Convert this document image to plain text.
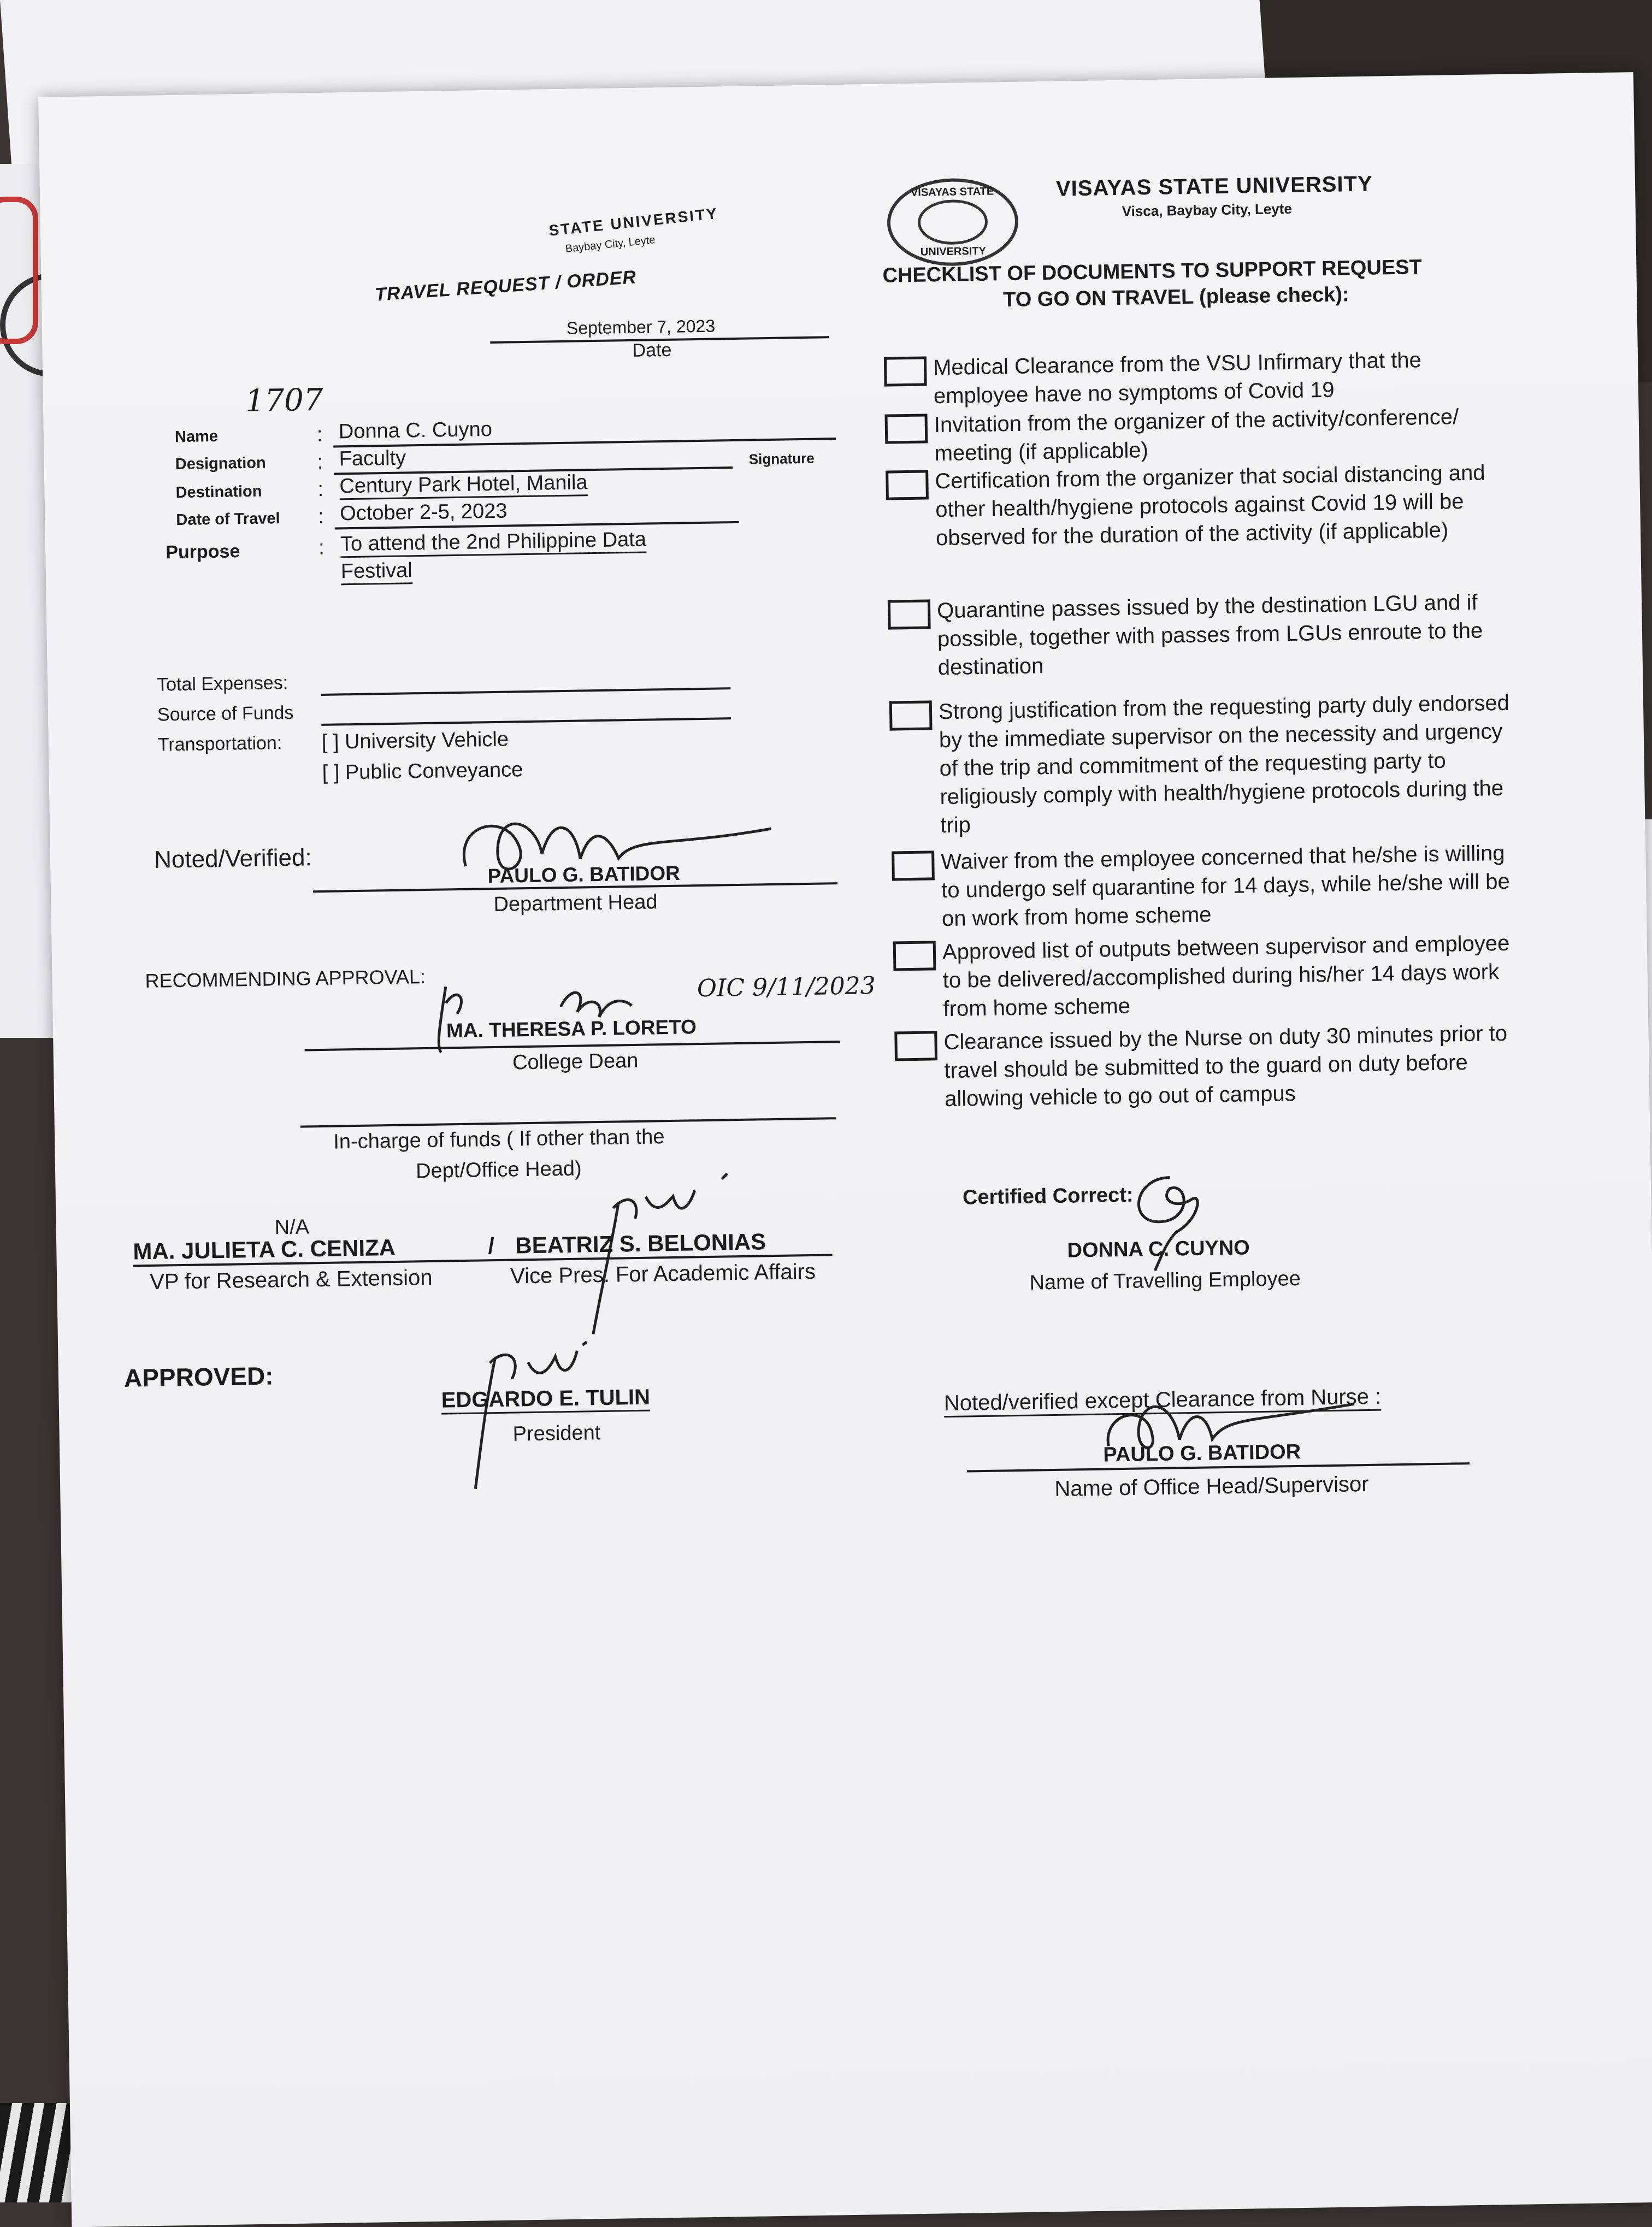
STATE UNIVERSITY
Baybay City, Leyte
TRAVEL REQUEST / ORDER
September 7, 2023
Date
1707
Name	: Donna C. Cuyno
Designation : Faculty	Signature
Destination	: Century Park Hotel, Manila
Date of Travel : October 2-5, 2023
Purpose	: To attend the 2nd Philippine Data
Festival
Total Expenses:
Source of Funds
Transportation: [ ] University Vehicle
[ ] Public Conveyance
Noted/Verified:
PAULO G. BATIDOR
Department Head
RECOMMENDING APPROVAL:	OIC 9/11/2023
MA. THERESA P. LORETO
College Dean
In-charge of funds ( If other than the
Dept/Office Head)
N/A
MA. JULIETA C. CENIZA	/ BEATRIZ S. BELONIAS
VP for Research & Extension	Vice Pres. For Academic Affairs
APPROVED:
EDGARDO E. TULIN
President
VISAYAS STATE
UNIVERSITY
VISAYAS STATE UNIVERSITY
Visca, Baybay City, Leyte
CHECKLIST OF DOCUMENTS TO SUPPORT REQUEST
TO GO ON TRAVEL (please check):
Medical Clearance from the VSU Infirmary that the employee have no symptoms of Covid 19
Invitation from the organizer of the activity/conference/ meeting (if applicable)
Certification from the organizer that social distancing and other health/hygiene protocols against Covid 19 will be observed for the duration of the activity (if applicable)
Quarantine passes issued by the destination LGU and if possible, together with passes from LGUs enroute to the destination
Strong justification from the requesting party duly endorsed by the immediate supervisor on the necessity and urgency of the trip and commitment of the requesting party to religiously comply with health/hygiene protocols during the trip
Waiver from the employee concerned that he/she is willing to undergo self quarantine for 14 days, while he/she will be on work from home scheme
Approved list of outputs between supervisor and employee to be delivered/accomplished during his/her 14 days work from home scheme
Clearance issued by the Nurse on duty 30 minutes prior to travel should be submitted to the guard on duty before allowing vehicle to go out of campus
Certified Correct:
DONNA C. CUYNO
Name of Travelling Employee
Noted/verified except Clearance from Nurse :
PAULO G. BATIDOR
Name of Office Head/Supervisor
